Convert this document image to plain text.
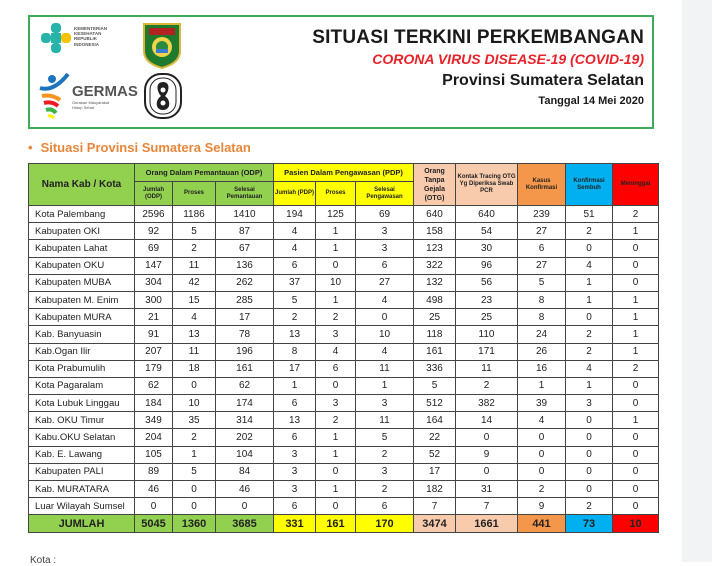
KEMENTERIAN
KESEHATAN
REPUBLIK
INDONESIA
GERMAS
Gerakan Masyarakat
Hidup Sehat
SITUASI TERKINI PERKEMBANGAN
CORONA VIRUS DISEASE-19 (COVID-19)
Provinsi Sumatera Selatan
Tanggal 14 Mei 2020
• Situasi Provinsi Sumatera Selatan
Nama Kab / Kota	Orang Dalam Pemantauan (ODP)			Pasien Dalam Pengawasan (PDP)			Orang Tanpa Gejala (OTG)	Kontak Tracing OTG Yg Diperiksa Swab PCR	Kasus Konfirmasi	Konfirmasi Sembuh	Meninggal
	Jumlah (ODP)	Proses	Selesai Pemantauan	Jumlah (PDP)	Proses	Selesai Pengawasan					
Kota Palembang	2596	1186	1410	194	125	69	640	640	239	51	2
Kabupaten OKI	92	5	87	4	1	3	158	54	27	2	1
Kabupaten Lahat	69	2	67	4	1	3	123	30	6	0	0
Kabupaten OKU	147	11	136	6	0	6	322	96	27	4	0
Kabupaten MUBA	304	42	262	37	10	27	132	56	5	1	0
Kabupaten M. Enim	300	15	285	5	1	4	498	23	8	1	1
Kabupaten MURA	21	4	17	2	2	0	25	25	8	0	1
Kab. Banyuasin	91	13	78	13	3	10	118	110	24	2	1
Kab.Ogan Ilir	207	11	196	8	4	4	161	171	26	2	1
Kota Prabumulih	179	18	161	17	6	11	336	11	16	4	2
Kota Pagaralam	62	0	62	1	0	1	5	2	1	1	0
Kota Lubuk Linggau	184	10	174	6	3	3	512	382	39	3	0
Kab. OKU Timur	349	35	314	13	2	11	164	14	4	0	1
Kabu.OKU Selatan	204	2	202	6	1	5	22	0	0	0	0
Kab. E. Lawang	105	1	104	3	1	2	52	9	0	0	0
Kabupaten PALI	89	5	84	3	0	3	17	0	0	0	0
Kab. MURATARA	46	0	46	3	1	2	182	31	2	0	0
Luar Wilayah Sumsel	0	0	0	6	0	6	7	7	9	2	0
JUMLAH	5045	1360	3685	331	161	170	3474	1661	441	73	10
Kota :
